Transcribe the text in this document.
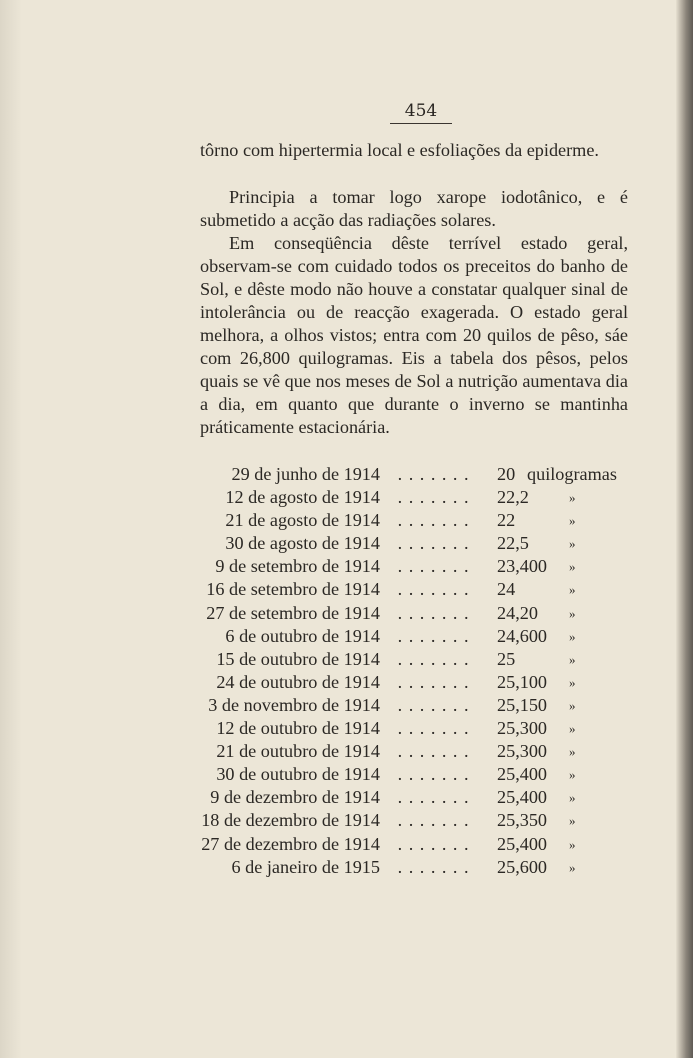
454

tôrno com hipertermia local e esfoliações da epiderme.

Principia a tomar logo xarope iodotânico, e é submetido a acção das radiações solares.

Em conseqüência dêste terrível estado geral, observam-se com cuidado todos os preceitos do banho de Sol, e dêste modo não houve a constatar qualquer sinal de intolerância ou de reacção exagerada. O estado geral melhora, a olhos vistos; entra com 20 quilos de pêso, sáe com 26,800 quilogramas. Eis a tabela dos pêsos, pelos quais se vê que nos meses de Sol a nutrição aumentava dia a dia, em quanto que durante o inverno se mantinha práticamente estacionária.

29 de junho de 1914 ....... 20 quilogramas
12 de agosto de 1914 ....... 22,2	»
21 de agosto de 1914 ....... 22	»
30 de agosto de 1914 ....... 22,5	»
9 de setembro de 1914 ....... 23,400 »
16 de setembro de 1914 ....... 24	»
27 de setembro de 1914 ....... 24,20 »
6 de outubro de 1914 ....... 24,600 »
15 de outubro de 1914 ....... 25	»
24 de outubro de 1914 ....... 25,100 »
3 de novembro de 1914 ....... 25,150 »
12 de outubro de 1914 ....... 25,300 »
21 de outubro de 1914 ....... 25,300 »
30 de outubro de 1914 ....... 25,400 »
9 de dezembro de 1914 ....... 25,400 »
18 de dezembro de 1914 ....... 25,350 »
27 de dezembro de 1914 ....... 25,400 »
6 de janeiro de 1915 ....... 25,600 »
